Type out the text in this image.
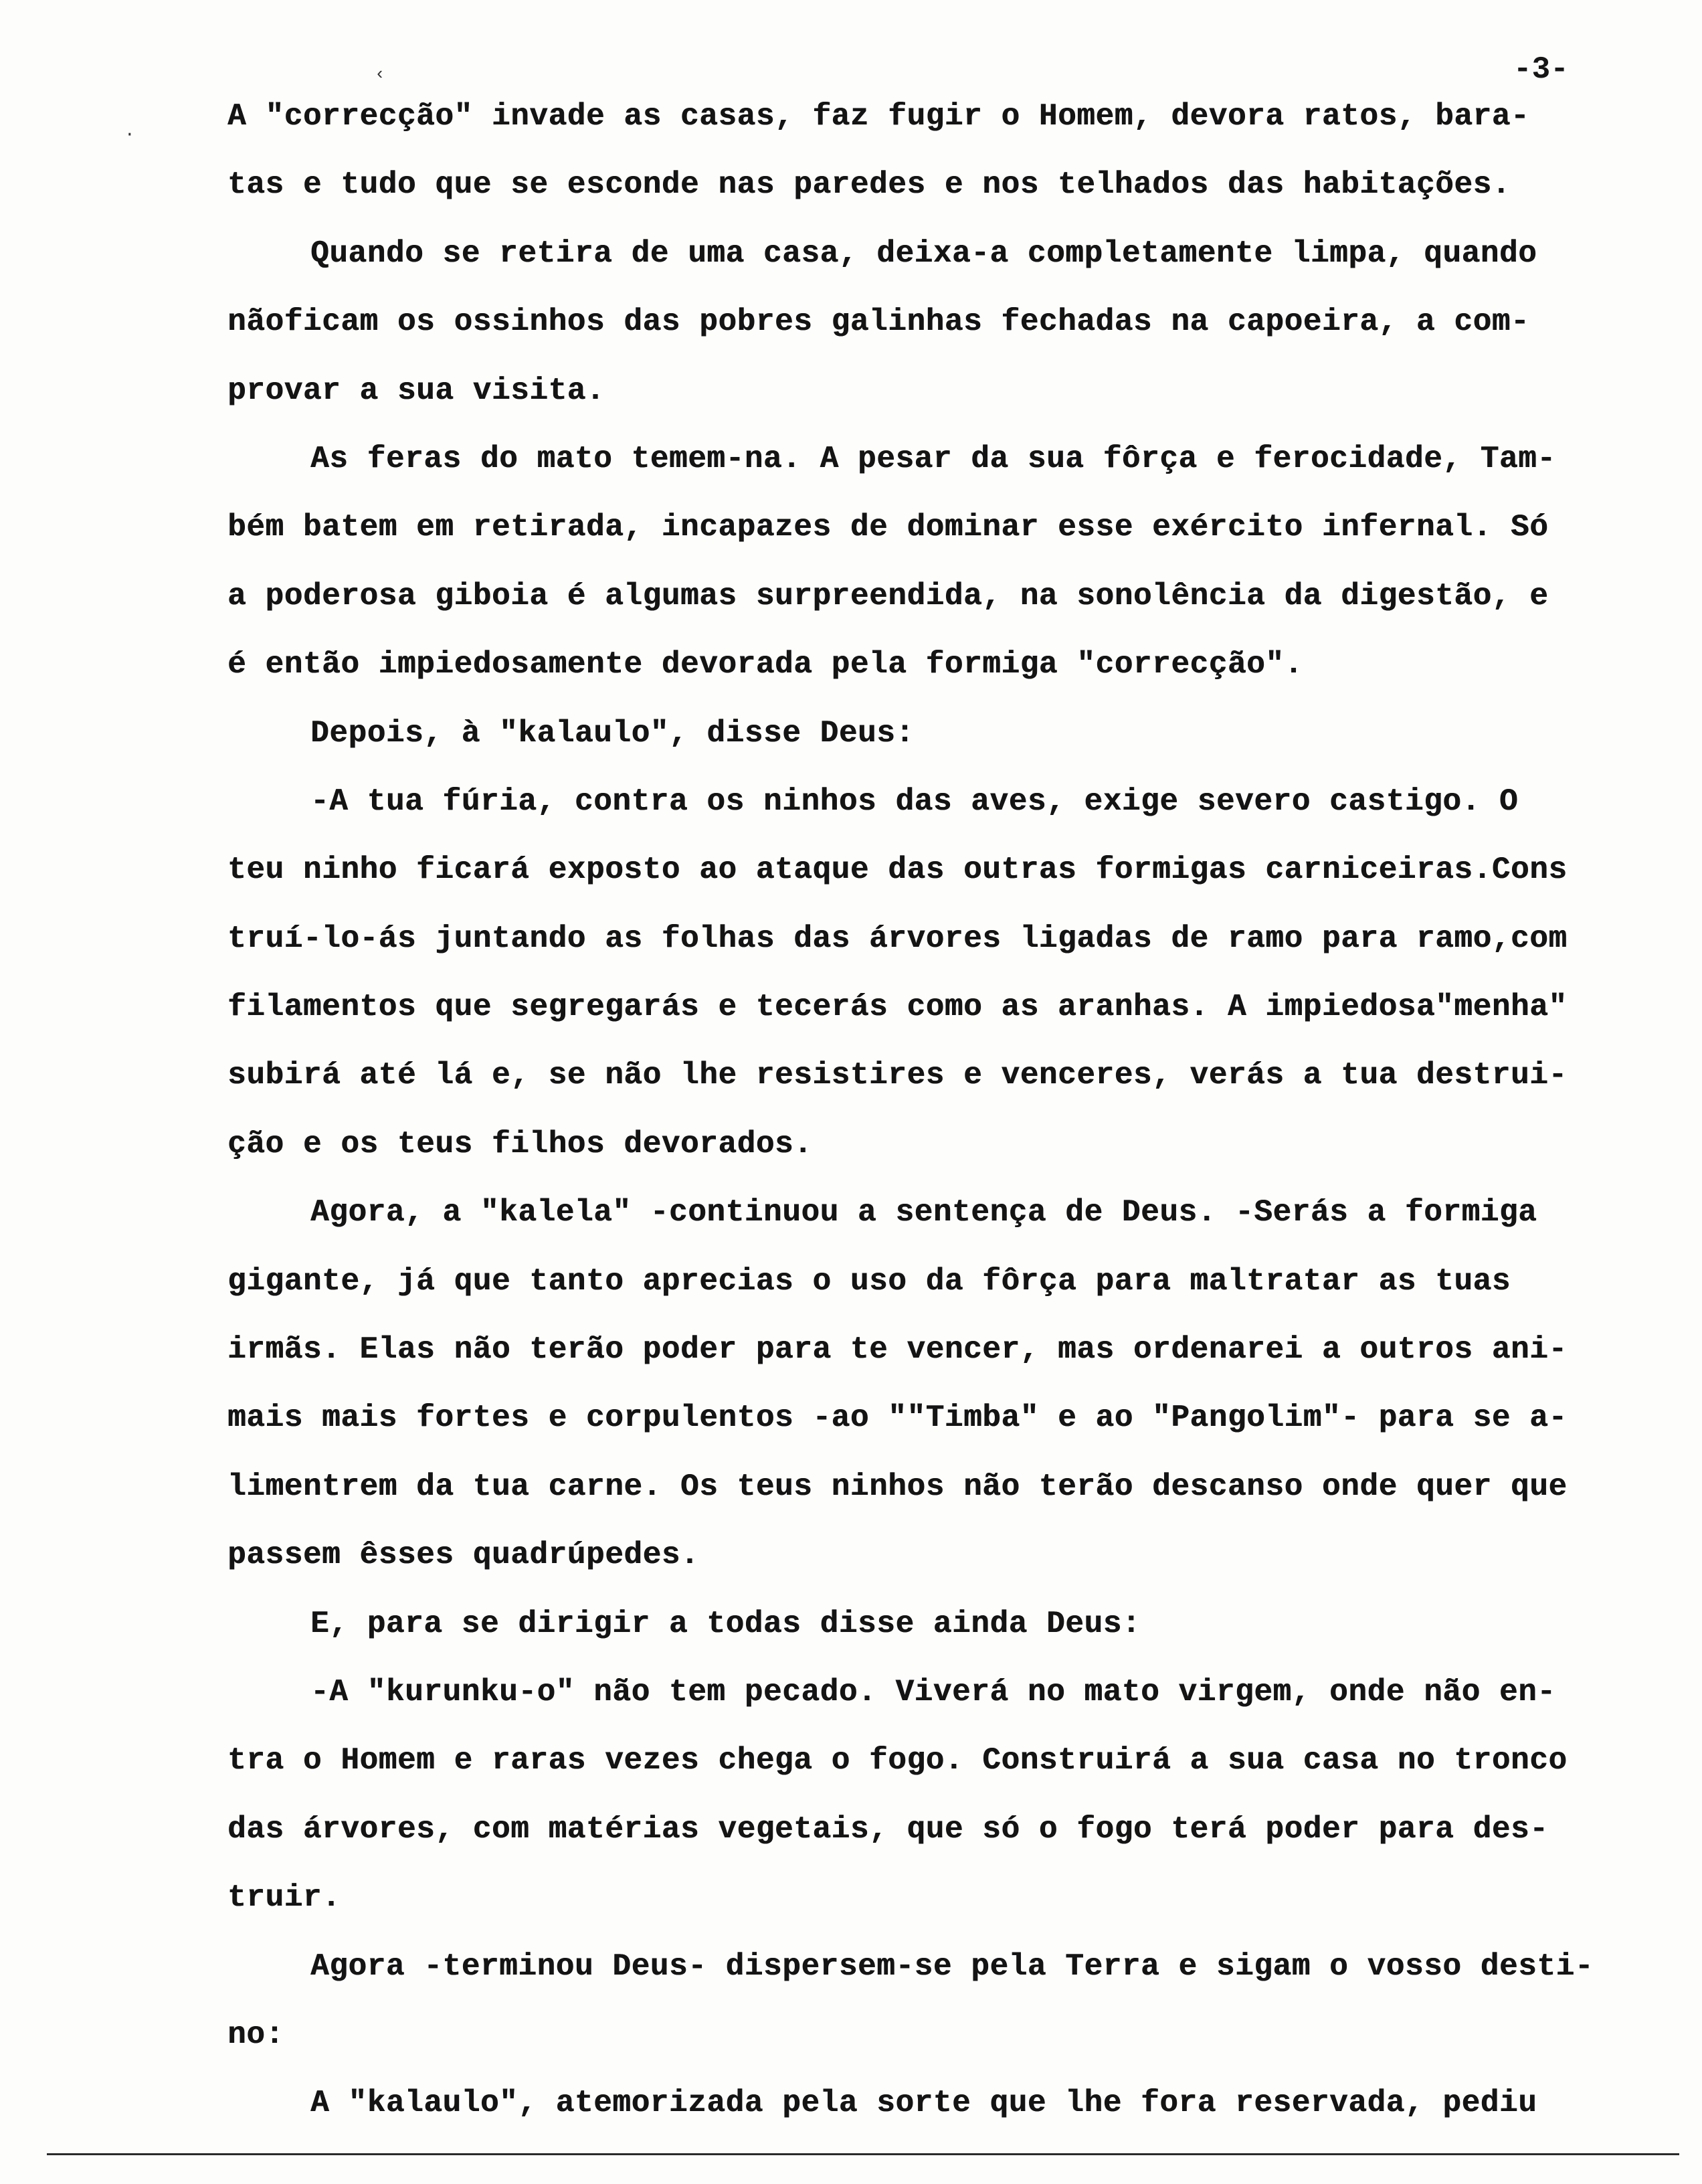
‹
·
-3-
A "correcção" invade as casas, faz fugir o Homem, devora ratos, bara-
tas e tudo que se esconde nas paredes e nos telhados das habitações.
Quando se retira de uma casa, deixa-a completamente limpa, quando
nãoficam os ossinhos das pobres galinhas fechadas na capoeira, a com-
provar a sua visita.
As feras do mato temem-na. A pesar da sua fôrça e ferocidade, Tam-
bém batem em retirada, incapazes de dominar esse exército infernal. Só
a poderosa giboia é algumas surpreendida, na sonolência da digestão, e
é então impiedosamente devorada pela formiga "correcção".
Depois, à "kalaulo", disse Deus:
-A tua fúria, contra os ninhos das aves, exige severo castigo. O
teu ninho ficará exposto ao ataque das outras formigas carniceiras.Cons
truí-lo-ás juntando as folhas das árvores ligadas de ramo para ramo,com
filamentos que segregarás e tecerás como as aranhas. A impiedosa"menha"
subirá até lá e, se não lhe resistires e venceres, verás a tua destrui-
ção e os teus filhos devorados.
Agora, a "kalela" -continuou a sentença de Deus. -Serás a formiga
gigante, já que tanto aprecias o uso da fôrça para maltratar as tuas
irmãs. Elas não terão poder para te vencer, mas ordenarei a outros ani-
mais mais fortes e corpulentos -ao ""Timba" e ao "Pangolim"- para se a-
limentrem da tua carne. Os teus ninhos não terão descanso onde quer que
passem êsses quadrúpedes.
E, para se dirigir a todas disse ainda Deus:
-A "kurunku-o" não tem pecado. Viverá no mato virgem, onde não en-
tra o Homem e raras vezes chega o fogo. Construirá a sua casa no tronco
das árvores, com matérias vegetais, que só o fogo terá poder para des-
truir.
Agora -terminou Deus- dispersem-se pela Terra e sigam o vosso desti-
no:
A "kalaulo", atemorizada pela sorte que lhe fora reservada, pediu
